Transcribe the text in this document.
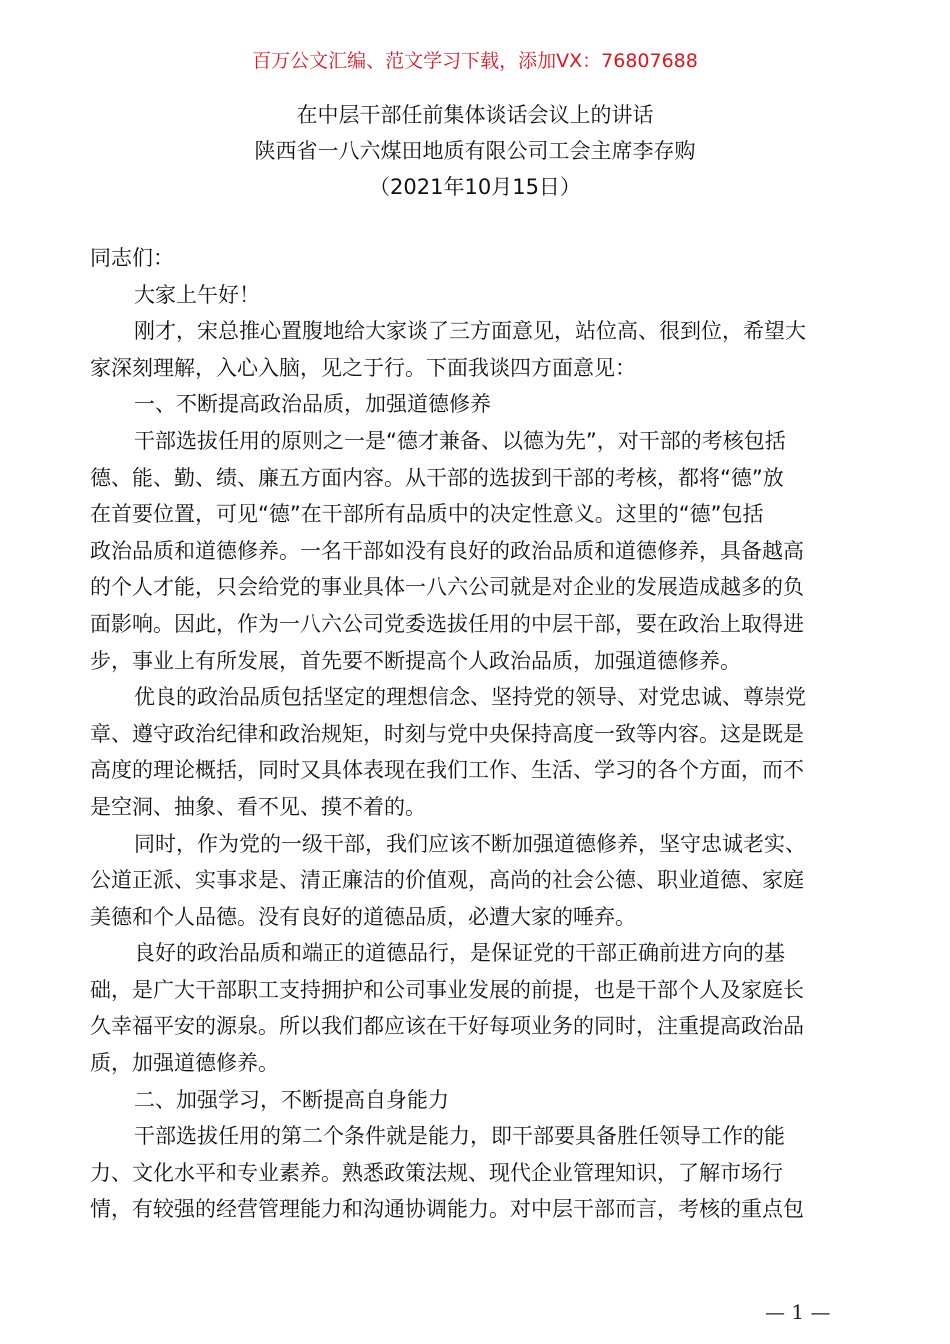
百万公文汇编、范文学习下载，添加VX：76807688
在中层干部任前集体谈话会议上的讲话
陕西省一八六煤田地质有限公司工会主席李存购
（2021年10月15日）
同志们：
大家上午好！
刚才，宋总推心置腹地给大家谈了三方面意见，站位高、很到位，希望大
家深刻理解，入心入脑，见之于行。下面我谈四方面意见：
一、不断提高政治品质，加强道德修养
干部选拔任用的原则之一是“德才兼备、以德为先”，对干部的考核包括
德、能、勤、绩、廉五方面内容。从干部的选拔到干部的考核，都将“德”放
在首要位置，可见“德”在干部所有品质中的决定性意义。这里的“德”包括
政治品质和道德修养。一名干部如没有良好的政治品质和道德修养，具备越高
的个人才能，只会给党的事业具体一八六公司就是对企业的发展造成越多的负
面影响。因此，作为一八六公司党委选拔任用的中层干部，要在政治上取得进
步，事业上有所发展，首先要不断提高个人政治品质，加强道德修养。
优良的政治品质包括坚定的理想信念、坚持党的领导、对党忠诚、尊崇党
章、遵守政治纪律和政治规矩，时刻与党中央保持高度一致等内容。这是既是
高度的理论概括，同时又具体表现在我们工作、生活、学习的各个方面，而不
是空洞、抽象、看不见、摸不着的。
同时，作为党的一级干部，我们应该不断加强道德修养，坚守忠诚老实、
公道正派、实事求是、清正廉洁的价值观，高尚的社会公德、职业道德、家庭
美德和个人品德。没有良好的道德品质，必遭大家的唾弃。
良好的政治品质和端正的道德品行，是保证党的干部正确前进方向的基
础，是广大干部职工支持拥护和公司事业发展的前提，也是干部个人及家庭长
久幸福平安的源泉。所以我们都应该在干好每项业务的同时，注重提高政治品
质，加强道德修养。
二、加强学习，不断提高自身能力
干部选拔任用的第二个条件就是能力，即干部要具备胜任领导工作的能
力、文化水平和专业素养。熟悉政策法规、现代企业管理知识，了解市场行
情，有较强的经营管理能力和沟通协调能力。对中层干部而言，考核的重点包
— 1 —
